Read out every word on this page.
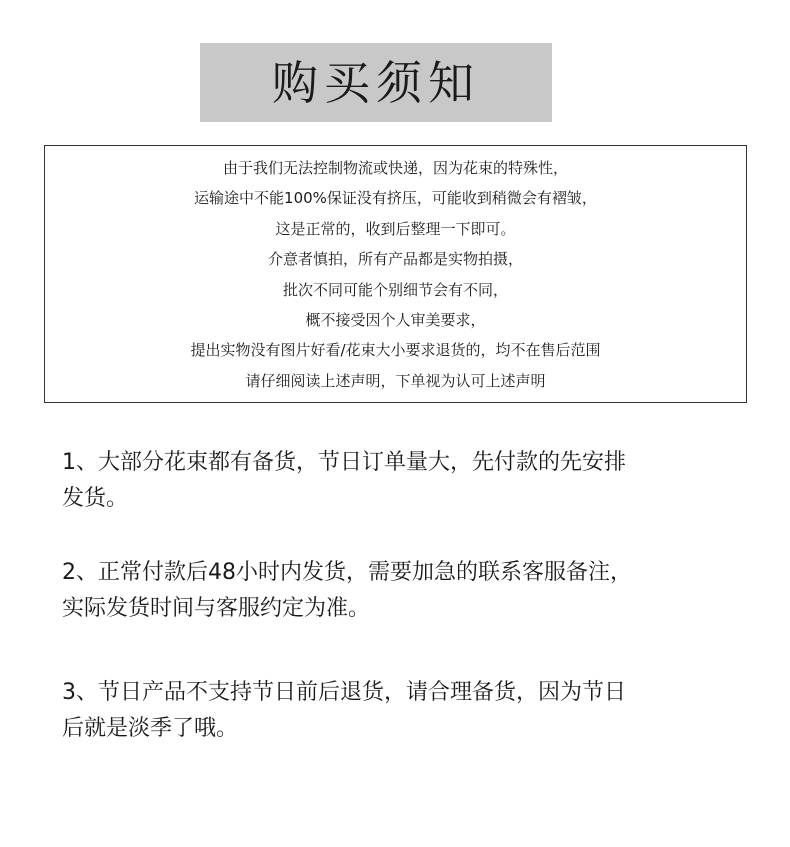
购买须知
由于我们无法控制物流或快递，因为花束的特殊性，
运输途中不能100%保证没有挤压，可能收到稍微会有褶皱，
这是正常的，收到后整理一下即可。
介意者慎拍，所有产品都是实物拍摄，
批次不同可能个别细节会有不同，
概不接受因个人审美要求，
提出实物没有图片好看/花束大小要求退货的，均不在售后范围
请仔细阅读上述声明，下单视为认可上述声明

1、大部分花束都有备货，节日订单量大，先付款的先安排
发货。

2、正常付款后48小时内发货，需要加急的联系客服备注，
实际发货时间与客服约定为准。

3、节日产品不支持节日前后退货，请合理备货，因为节日
后就是淡季了哦。
